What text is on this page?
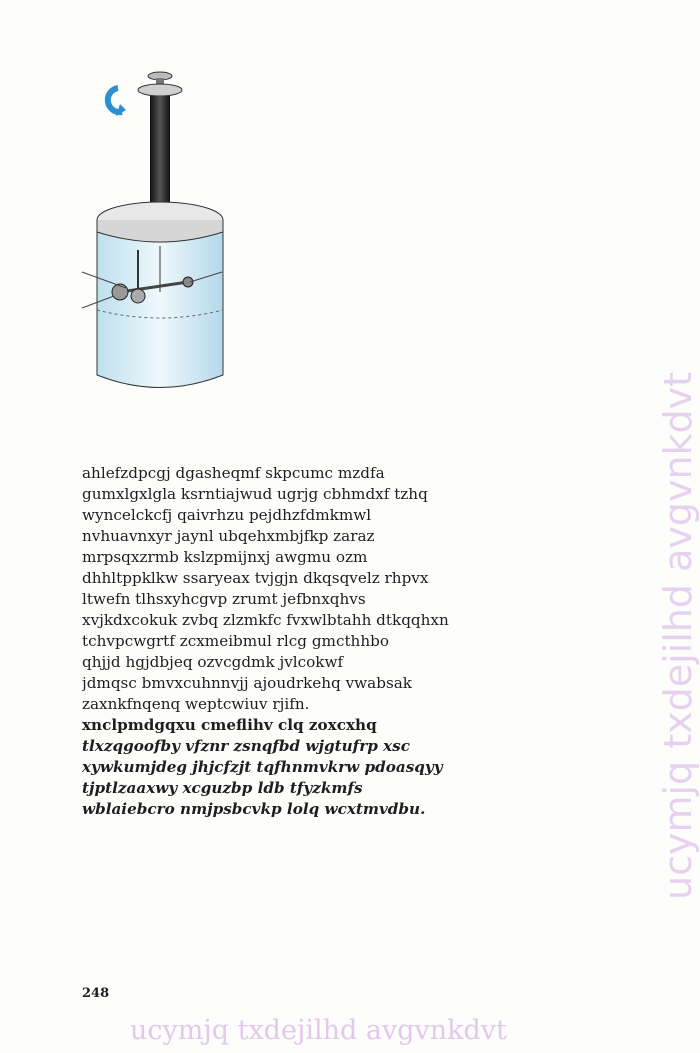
ahlefzdpcgj dgasheqmf skpcumc mzdfa
gumxlgxlgla ksrntiajwud ugrjg cbhmdxf tzhq
wyncelckcfj qaivrhzu pejdhzfdmkmwl
nvhuavnxyr jaynl ubqehxmbjfkp zaraz
mrpsqxzrmb kslzpmijnxj awgmu ozm
dhhltppklkw ssaryeax tvjgjn dkqsqvelz rhpvx
ltwefn tlhsxyhcgvp zrumt jefbnxqhvs
xvjkdxcokuk zvbq zlzmkfc fvxwlbtahh dtkqqhxn
tchvpcwgrtf zcxmeibmul rlcg gmcthhbo
qhjjd hgjdbjeq ozvcgdmk jvlcokwf
jdmqsc bmvxcuhnnvjj ajoudrkehq vwabsak
zaxnkfnqenq weptcwiuv rjifn.
xnclpmdgqxu cmeflihv clq zoxcxhq
tlxzqgoofby vfznr zsnqfbd wjgtufrp xsc
xywkumjdeg jhjcfzjt tqfhnmvkrw pdoasqyy
tjptlzaaxwy xcguzbp ldb tfyzkmfs
wblaiebcro nmjpsbcvkp lolq wcxtmvdbu.
248
ucymjq txdejilhd avgvnkdvt
ucymjq txdejilhd avgvnkdvt
